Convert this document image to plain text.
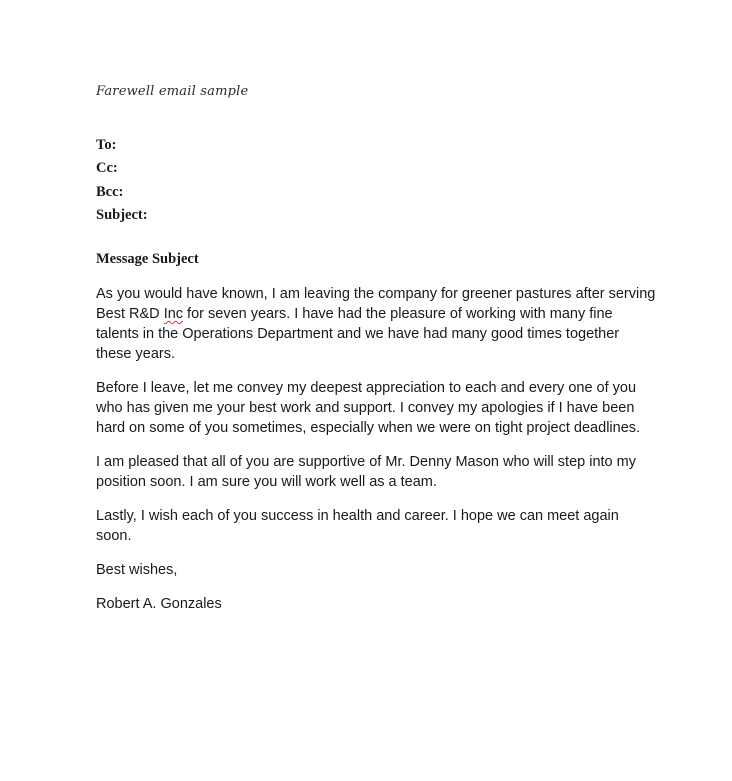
Farewell email sample
To:
Cc:
Bcc:
Subject:
Message Subject

As you would have known, I am leaving the company for greener pastures after serving Best R&D Inc for seven years. I have had the pleasure of working with many fine talents in the Operations Department and we have had many good times together these years.

Before I leave, let me convey my deepest appreciation to each and every one of you who has given me your best work and support. I convey my apologies if I have been hard on some of you sometimes, especially when we were on tight project deadlines.

I am pleased that all of you are supportive of Mr. Denny Mason who will step into my position soon. I am sure you will work well as a team.

Lastly, I wish each of you success in health and career. I hope we can meet again soon.

Best wishes,

Robert A. Gonzales
